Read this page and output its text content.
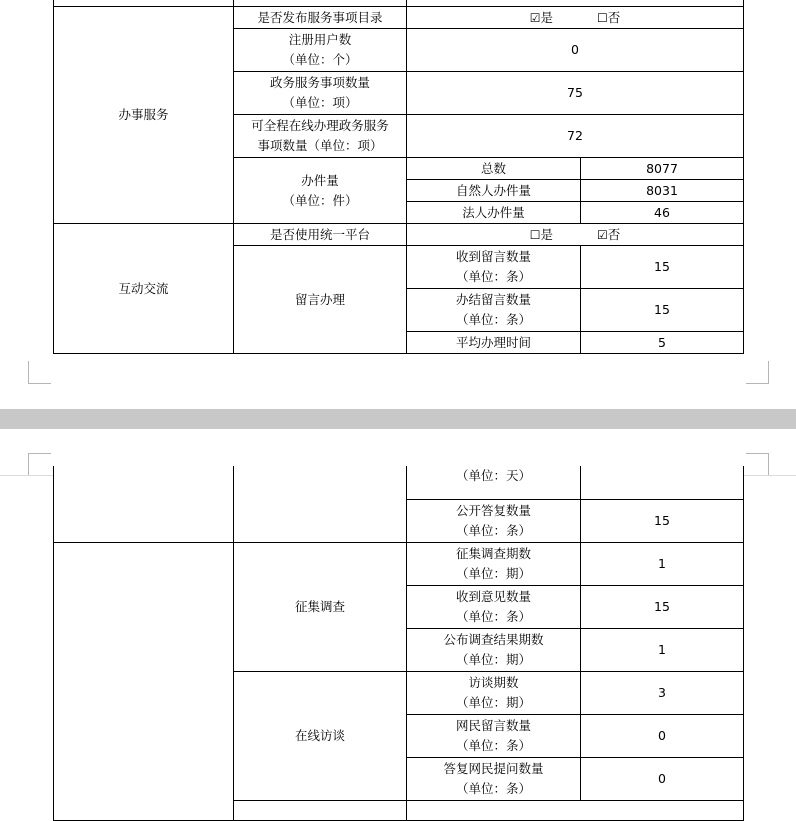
办事服务	是否发布服务事项目录	☑是 ☐否	

	注册用户数
（单位：个）	0	

	政务服务事项数量
（单位：项）	75	

	可全程在线办理政务服务
事项数量（单位：项）	72	

	办件量
（单位：件）	总数	8077
		自然人办件量	8031
		法人办件量	46
互动交流	是否使用统一平台	☐是 ☑否	

	留言办理	收到留言数量
（单位：条）	15

		办结留言数量
（单位：条）	15
		平均办理时间	5
		（单位：天）	

		公开答复数量
（单位：条）	15
	征集调查	征集调查期数
（单位：期）	1

		收到意见数量
（单位：条）	15

		公布调查结果期数
（单位：期）	1
	在线访谈	访谈期数
（单位：期）	3

		网民留言数量
（单位：条）	0

		答复网民提问数量
（单位：条）	0
